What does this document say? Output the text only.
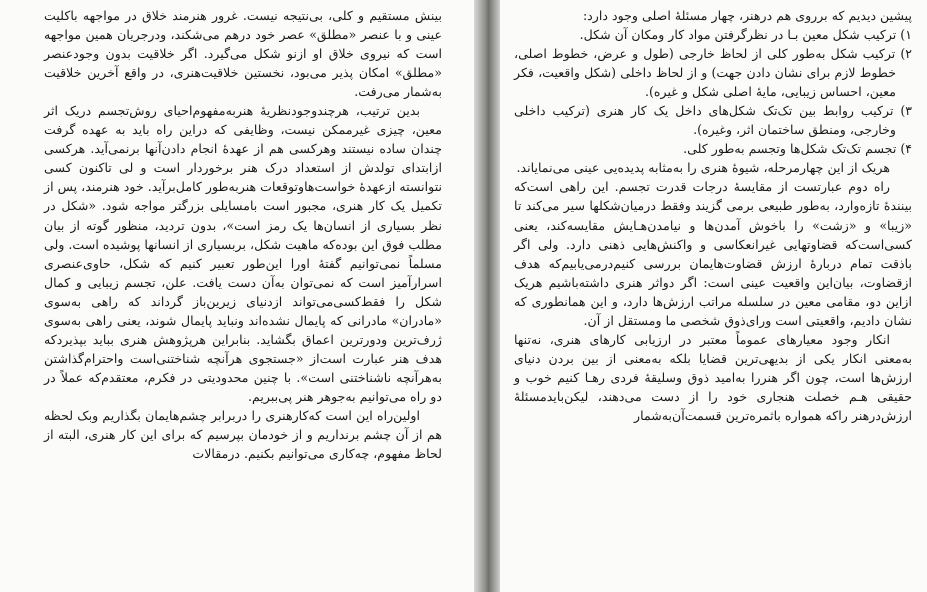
بینش مستقیم و کلی، بی‌نتیجه نیست. غرور هنرمند خلاق در مواجهه باکلیت عینی و با عنصر «مطلق» عصر خود درهم می‌شکند، ودرجریان همین مواجهه است که نیروی خلاق او ازنو شکل می‌گیرد. اگر خلاقیت بدون وجودعنصر «مطلق» امکان پذیر می‌بود، نخستین خلاقیت‌هنری، در واقع آخرین خلاقیت به‌شمار می‌رفت.

بدین ترتیب، هرچندوجودنظریهٔ هنربه‌مفهوم‌احیای روش‌تجسم دریک اثر معین، چیزی غیرممکن نیست، وظایفی که دراین راه باید به عهده گرفت چندان ساده نیستند وهرکسی هم از عهدهٔ انجام دادن‌آنها برنمی‌آید. هرکسی ازابتدای تولدش از استعداد درک هنر برخوردار است و لی تاکنون کسی نتوانسته ازعهدهٔ خواست‌هاوتوقعات هنربه‌طور کامل‌برآید. خود هنرمند، پس از تکمیل یک کار هنری، مجبور است بامسایلی بزرگتر مواجه شود. «شکل در نظر بسیاری از انسان‌ها یک رمز است»، بدون تردید، منظور گوته از بیان مطلب فوق این بوده‌که ماهیت شکل، بربسیاری از انسانها پوشیده است. ولی مسلماً نمی‌توانیم گفتهٔ اورا این‌طور تعبیر کنیم که شکل، حاوی‌عنصری اسرارآمیز است که نمی‌توان به‌آن دست یافت. علن، تجسم زیبایی و کمال شکل را فقط‌کسی‌می‌تواند ازدنیای زیرین‌باز گرداند که راهی به‌سوی «مادران» مادرانی که پایمال نشده‌اند ونباید پایمال شوند، یعنی راهی به‌سوی ژرف‌ترین ودورترین اعماق بگشاید. بنابراین هرپژوهش هنری بباید بپذیرد‌که هدف هنر عبارت است‌از «جستجوی هرآنچه شناختنی‌است واحترام‌گذاشتن به‌هرآنچه ناشناختنی است». با چنین محدودیتی در فکرم، معتقدم‌که عملاً در دو راه می‌توانیم به‌جوهر هنر پی‌ببریم.

اولین‌راه این است که‌کارهنری را دربرابر چشم‌هایمان بگذاریم وبک لحظه هم از آن چشم برنداریم و از خودمان بپرسیم که برای این کار هنری، البته از لحاظ مفهوم، چه‌کاری می‌توانیم بکنیم. درمقالات

پیشین دیدیم که برروی هم درهنر، چهار مسئلهٔ اصلی وجود دارد:

۱) ترکیب شکل معین بـا در نظرگرفتن مواد کار ومکان آن شکل.

۲) ترکیب شکل به‌طور کلی از لحاظ خارجی (طول و عرض، خطوط اصلی، خطوط لازم برای نشان دادن جهت) و از لحاظ داخلی (شکل واقعیت، فکر معین، احساس زیبایی، مایهٔ اصلی شکل و غیره).

۳) ترکیب روابط بین تک‌تک شکل‌های داخل یک کار هنری (ترکیب داخلی وخارجی، ومنطق ساختمان اثر، وغیره).

۴) تجسم تک‌تک شکل‌ها وتجسم به‌طور کلی.

هریک از این چهارمرحله، شیوهٔ هنری را به‌مثابه پدیده‌یی عینی می‌نمایاند.

راه دوم عبارتست از مقایسهٔ درجات قدرت تجسم. این راهی است‌که بینندهٔ تازه‌وارد، به‌طور طبیعی برمی گزیند وفقط درمیان‌شکلها سیر می‌کند تا «زیبا» و «زشت» را باخوش آمدن‌ها و نیامدن‌هـایش مقایسه‌کند، یعنی کسی‌است‌که قضاوتهایی غیرانعکاسی و واکنش‌هایی ذهنی دارد. ولی اگر باذقت تمام دربارهٔ ارزش قضاوت‌هایمان بررسی کنیم‌درمی‌یابیم‌که هدف ازقضاوت، بیان‌این واقعیت عینی است: اگر دواثر هنری داشته‌باشیم هریک ازاین دو، مقامی معین در سلسله مراتب ارزش‌ها دارد، و این همانطوری که نشان دادیم، واقعیتی است ورای‌ذوق شخصی ما ومستقل از آن.

انکار وجود معیارهای عموماً معتبر در ارزیابی کارهای هنری، نه‌تنها به‌معنی انکار یکی از بدیهی‌ترین قضایا بلکه به‌معنی از بین بردن دنیای ارزش‌ها است، چون اگر هنررا به‌امید ذوق وسلیقهٔ فردی رهـا کنیم خوب و حقیقی هـم خصلت هنجاری خود را از دست می‌دهند، لیکن‌بایدمسئلهٔ ارزش‌درهنر راکه همواره باثمره‌ترین قسمت‌آن‌به‌شمار
